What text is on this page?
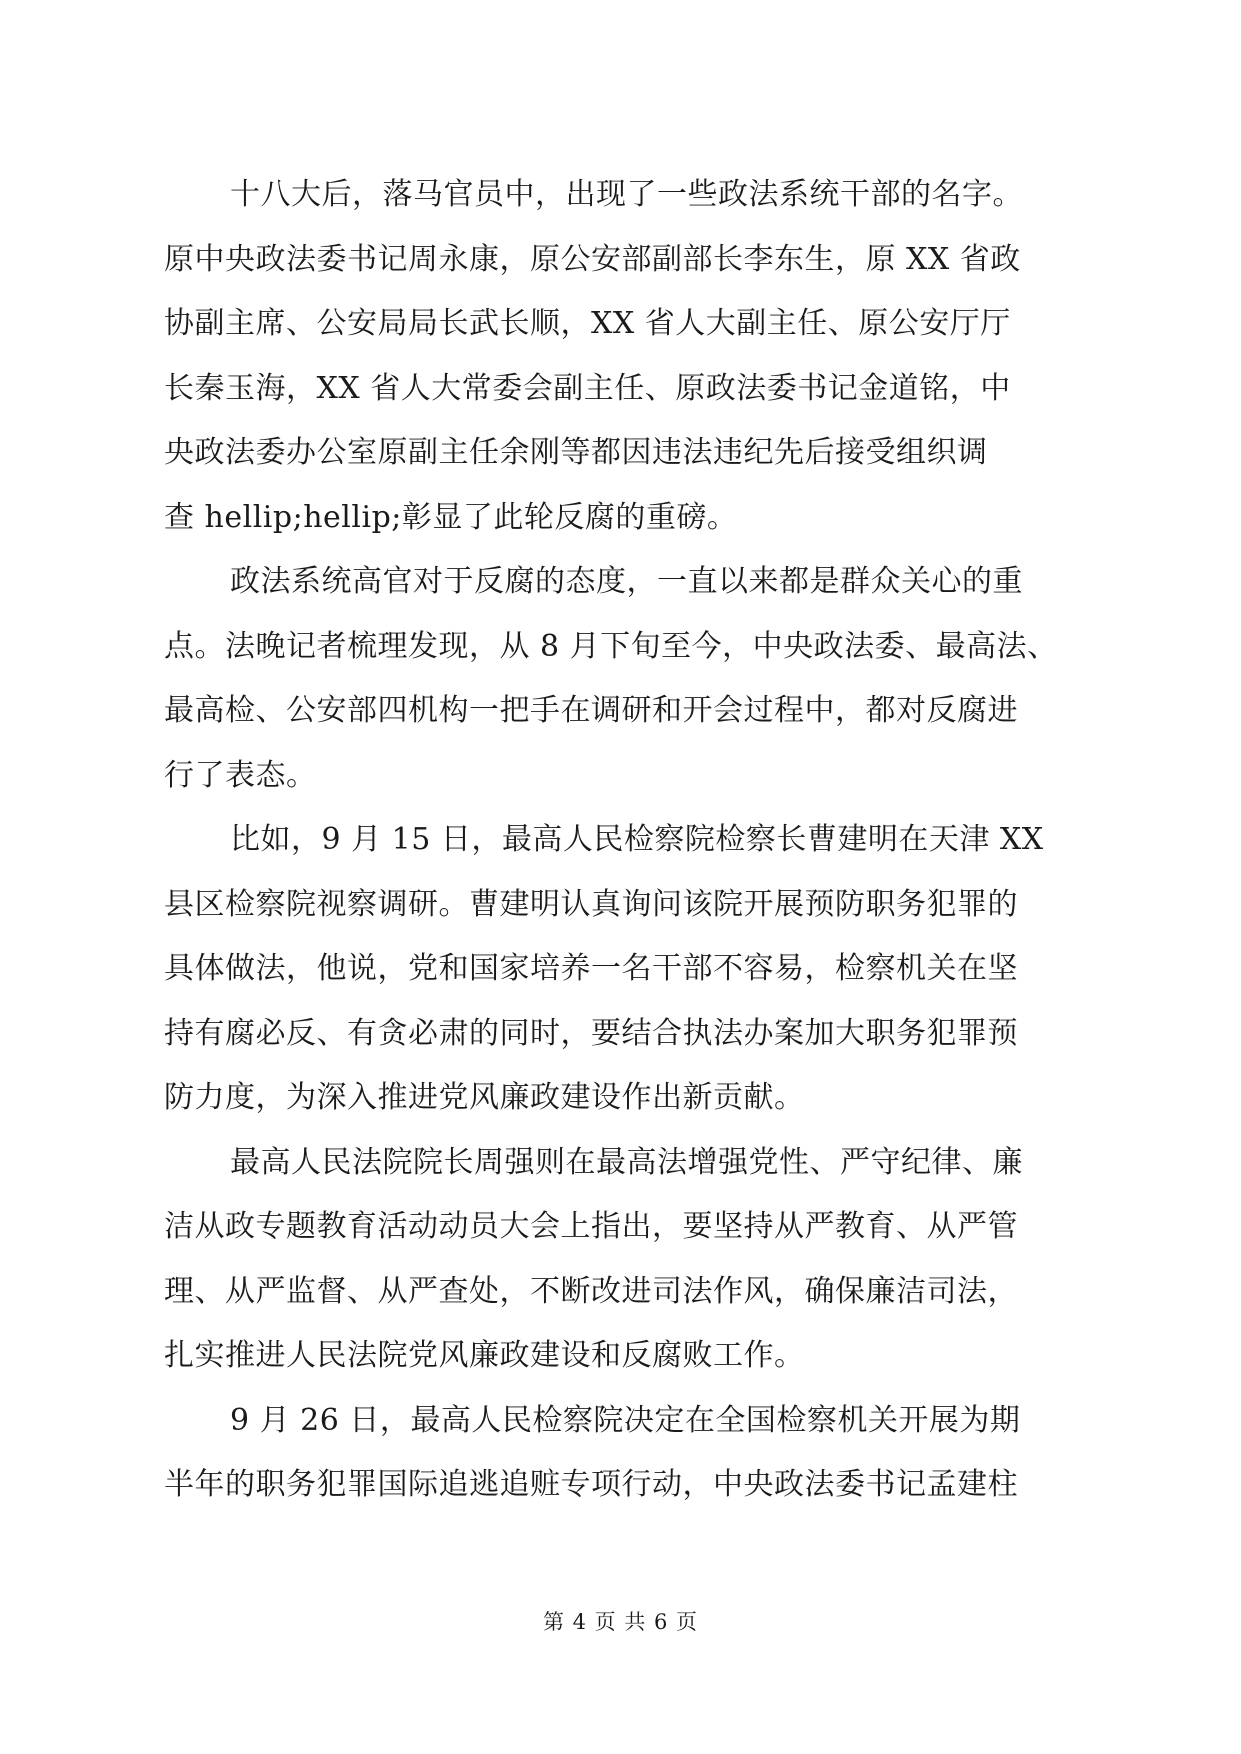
十八大后，落马官员中，出现了一些政法系统干部的名字。
原中央政法委书记周永康，原公安部副部长李东生，原 XX 省政
协副主席、公安局局长武长顺，XX 省人大副主任、原公安厅厅
长秦玉海，XX 省人大常委会副主任、原政法委书记金道铭，中
央政法委办公室原副主任余刚等都因违法违纪先后接受组织调
查 hellip;hellip;彰显了此轮反腐的重磅。
政法系统高官对于反腐的态度，一直以来都是群众关心的重
点。法晚记者梳理发现，从 8 月下旬至今，中央政法委、最高法、
最高检、公安部四机构一把手在调研和开会过程中，都对反腐进
行了表态。
比如，9 月 15 日，最高人民检察院检察长曹建明在天津 XX
县区检察院视察调研。曹建明认真询问该院开展预防职务犯罪的
具体做法，他说，党和国家培养一名干部不容易，检察机关在坚
持有腐必反、有贪必肃的同时，要结合执法办案加大职务犯罪预
防力度，为深入推进党风廉政建设作出新贡献。
最高人民法院院长周强则在最高法增强党性、严守纪律、廉
洁从政专题教育活动动员大会上指出，要坚持从严教育、从严管
理、从严监督、从严查处，不断改进司法作风，确保廉洁司法，
扎实推进人民法院党风廉政建设和反腐败工作。
9 月 26 日，最高人民检察院决定在全国检察机关开展为期
半年的职务犯罪国际追逃追赃专项行动，中央政法委书记孟建柱
第 4 页 共 6 页
